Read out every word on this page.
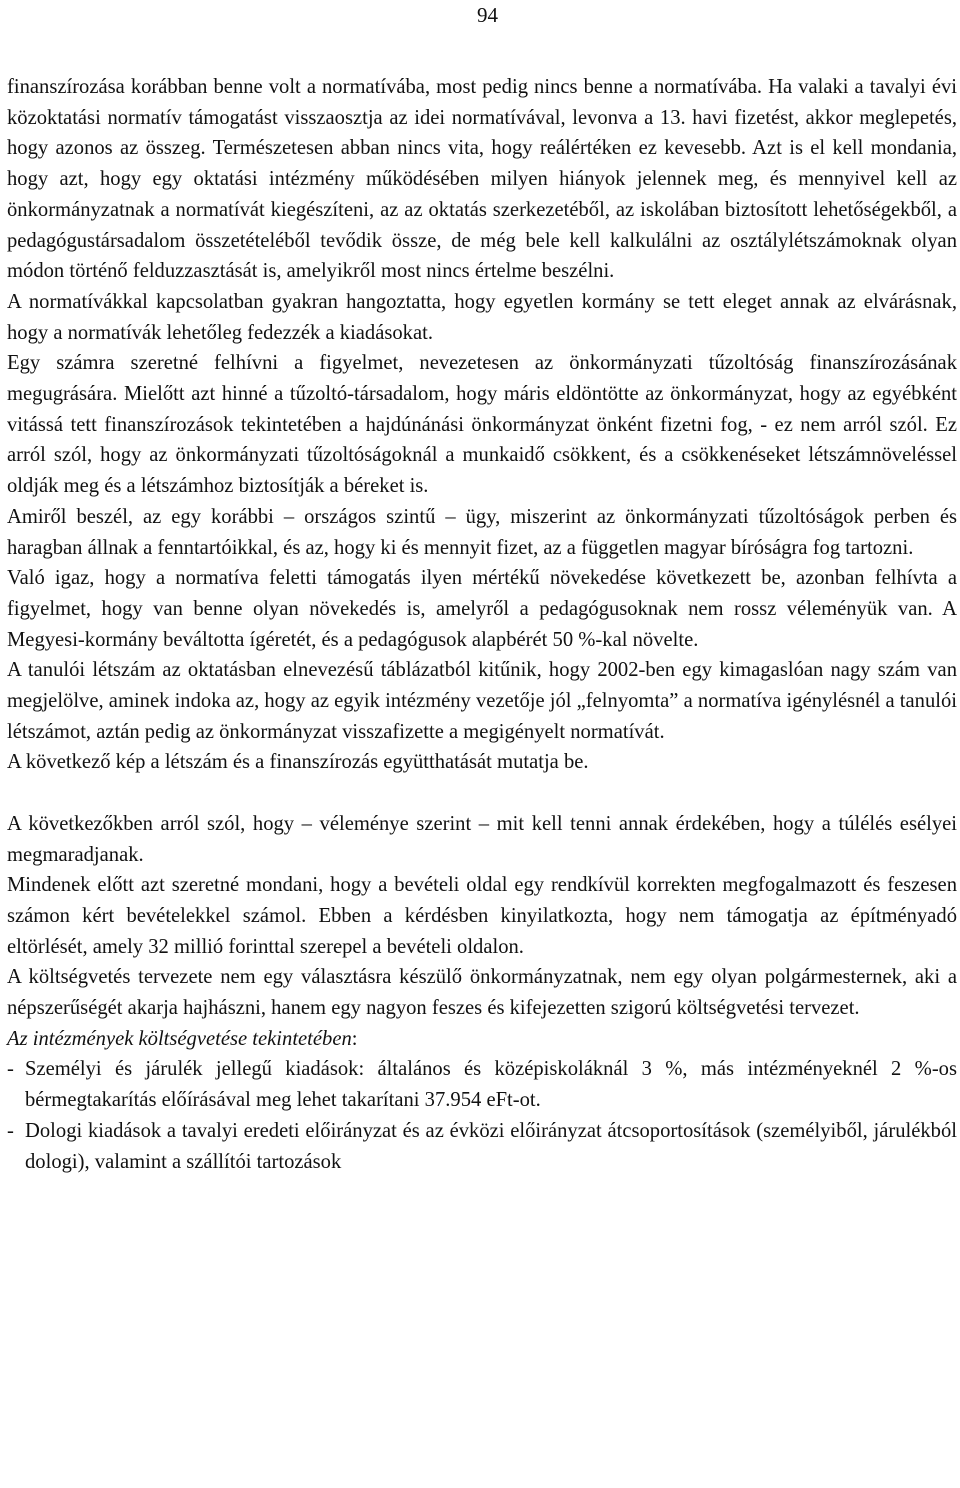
94

finanszírozása korábban benne volt a normatívába, most pedig nincs benne a normatívába. Ha valaki a tavalyi évi közoktatási normatív támogatást visszaosztja az idei normatívával, levonva a 13. havi fizetést, akkor meglepetés, hogy azonos az összeg. Természetesen abban nincs vita, hogy reálértéken ez kevesebb. Azt is el kell mondania, hogy azt, hogy egy oktatási intézmény működésében milyen hiányok jelennek meg, és mennyivel kell az önkormányzatnak a normatívát kiegészíteni, az az oktatás szerkezetéből, az iskolában biztosított lehetőségekből, a pedagógustársadalom összetételéből tevődik össze, de még bele kell kalkulálni az osztálylétszámoknak olyan módon történő felduzzasztását is, amelyikről most nincs értelme beszélni.

A normatívákkal kapcsolatban gyakran hangoztatta, hogy egyetlen kormány se tett eleget annak az elvárásnak, hogy a normatívák lehetőleg fedezzék a kiadásokat.

Egy számra szeretné felhívni a figyelmet, nevezetesen az önkormányzati tűzoltóság finanszírozásának megugrására. Mielőtt azt hinné a tűzoltó-társadalom, hogy máris eldöntötte az önkormányzat, hogy az egyébként vitássá tett finanszírozások tekintetében a hajdúnánási önkormányzat önként fizetni fog, - ez nem arról szól. Ez arról szól, hogy az önkormányzati tűzoltóságoknál a munkaidő csökkent, és a csökkenéseket létszámnöveléssel oldják meg és a létszámhoz biztosítják a béreket is.

Amiről beszél, az egy korábbi – országos szintű – ügy, miszerint az önkormányzati tűzoltóságok perben és haragban állnak a fenntartóikkal, és az, hogy ki és mennyit fizet, az a független magyar bíróságra fog tartozni.

Való igaz, hogy a normatíva feletti támogatás ilyen mértékű növekedése következett be, azonban felhívta a figyelmet, hogy van benne olyan növekedés is, amelyről a pedagógusoknak nem rossz véleményük van. A Megyesi-kormány beváltotta ígéretét, és a pedagógusok alapbérét 50 %-kal növelte.

A tanulói létszám az oktatásban elnevezésű táblázatból kitűnik, hogy 2002-ben egy kimagaslóan nagy szám van megjelölve, aminek indoka az, hogy az egyik intézmény vezetője jól „felnyomta” a normatíva igénylésnél a tanulói létszámot, aztán pedig az önkormányzat visszafizette a megigényelt normatívát.

A következő kép a létszám és a finanszírozás együtthatását mutatja be.

A következőkben arról szól, hogy – véleménye szerint – mit kell tenni annak érdekében, hogy a túlélés esélyei megmaradjanak.

Mindenek előtt azt szeretné mondani, hogy a bevételi oldal egy rendkívül korrekten megfogalmazott és feszesen számon kért bevételekkel számol. Ebben a kérdésben kinyilatkozta, hogy nem támogatja az építményadó eltörlését, amely 32 millió forinttal szerepel a bevételi oldalon.

A költségvetés tervezete nem egy választásra készülő önkormányzatnak, nem egy olyan polgármesternek, aki a népszerűségét akarja hajhászni, hanem egy nagyon feszes és kifejezetten szigorú költségvetési tervezet.

Az intézmények költségvetése tekintetében:

- Személyi és járulék jellegű kiadások: általános és középiskoláknál 3 %, más intézményeknél 2 %-os bérmegtakarítás előírásával meg lehet takarítani 37.954 eFt-ot.
- Dologi kiadások a tavalyi eredeti előirányzat és az évközi előirányzat átcsoportosítások (személyiből, járulékból dologi), valamint a szállítói tartozások
